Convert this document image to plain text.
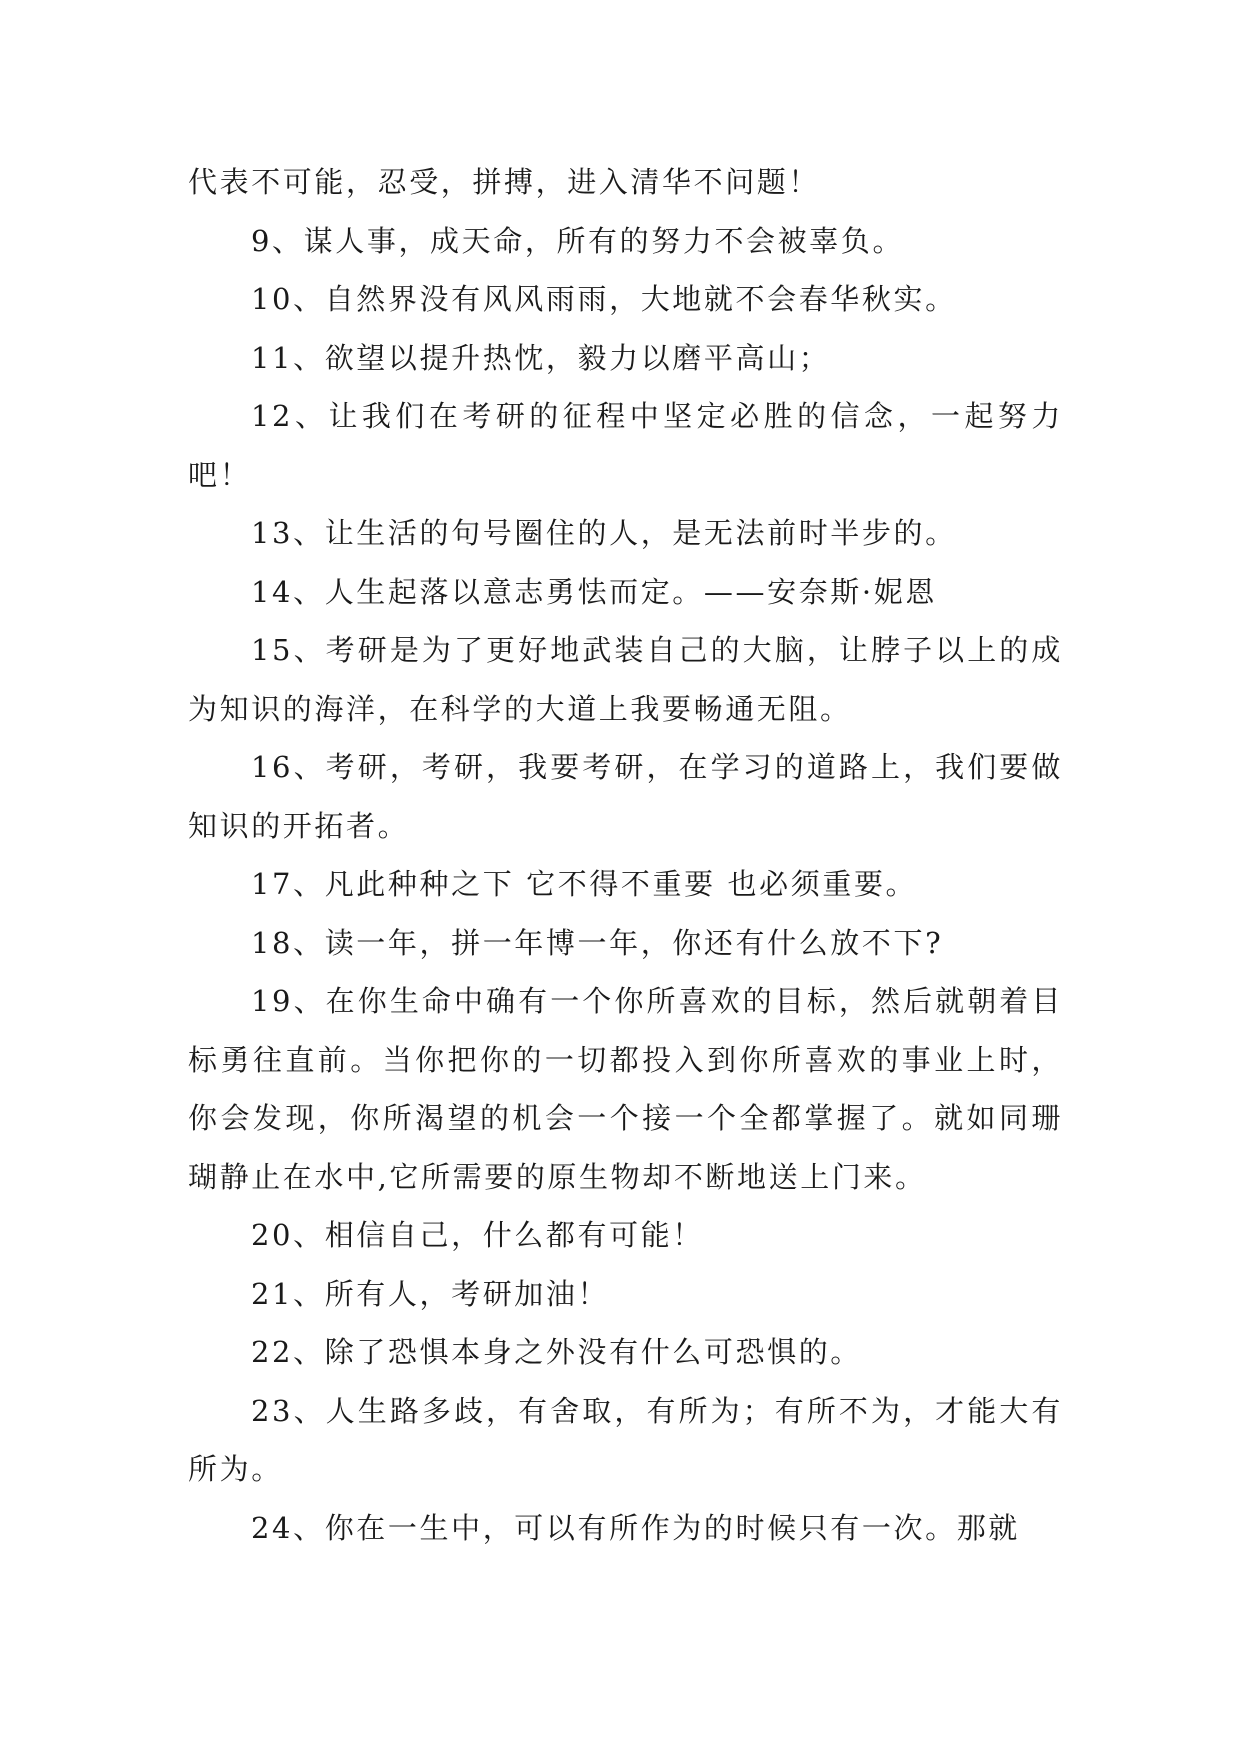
代表不可能，忍受，拼搏，进入清华不问题！

9、谋人事，成天命，所有的努力不会被辜负。

10、自然界没有风风雨雨，大地就不会春华秋实。

11、欲望以提升热忱，毅力以磨平高山；

12、让我们在考研的征程中坚定必胜的信念，一起努力吧！

13、让生活的句号圈住的人，是无法前时半步的。

14、人生起落以意志勇怯而定。——安奈斯·妮恩

15、考研是为了更好地武装自己的大脑，让脖子以上的成为知识的海洋，在科学的大道上我要畅通无阻。

16、考研，考研，我要考研，在学习的道路上，我们要做知识的开拓者。

17、凡此种种之下 它不得不重要 也必须重要。

18、读一年，拼一年博一年，你还有什么放不下?

19、在你生命中确有一个你所喜欢的目标，然后就朝着目标勇往直前。当你把你的一切都投入到你所喜欢的事业上时，你会发现，你所渴望的机会一个接一个全都掌握了。就如同珊瑚静止在水中,它所需要的原生物却不断地送上门来。

20、相信自己，什么都有可能！

21、所有人，考研加油！

22、除了恐惧本身之外没有什么可恐惧的。

23、人生路多歧，有舍取，有所为；有所不为，才能大有所为。

24、你在一生中，可以有所作为的时候只有一次。那就
